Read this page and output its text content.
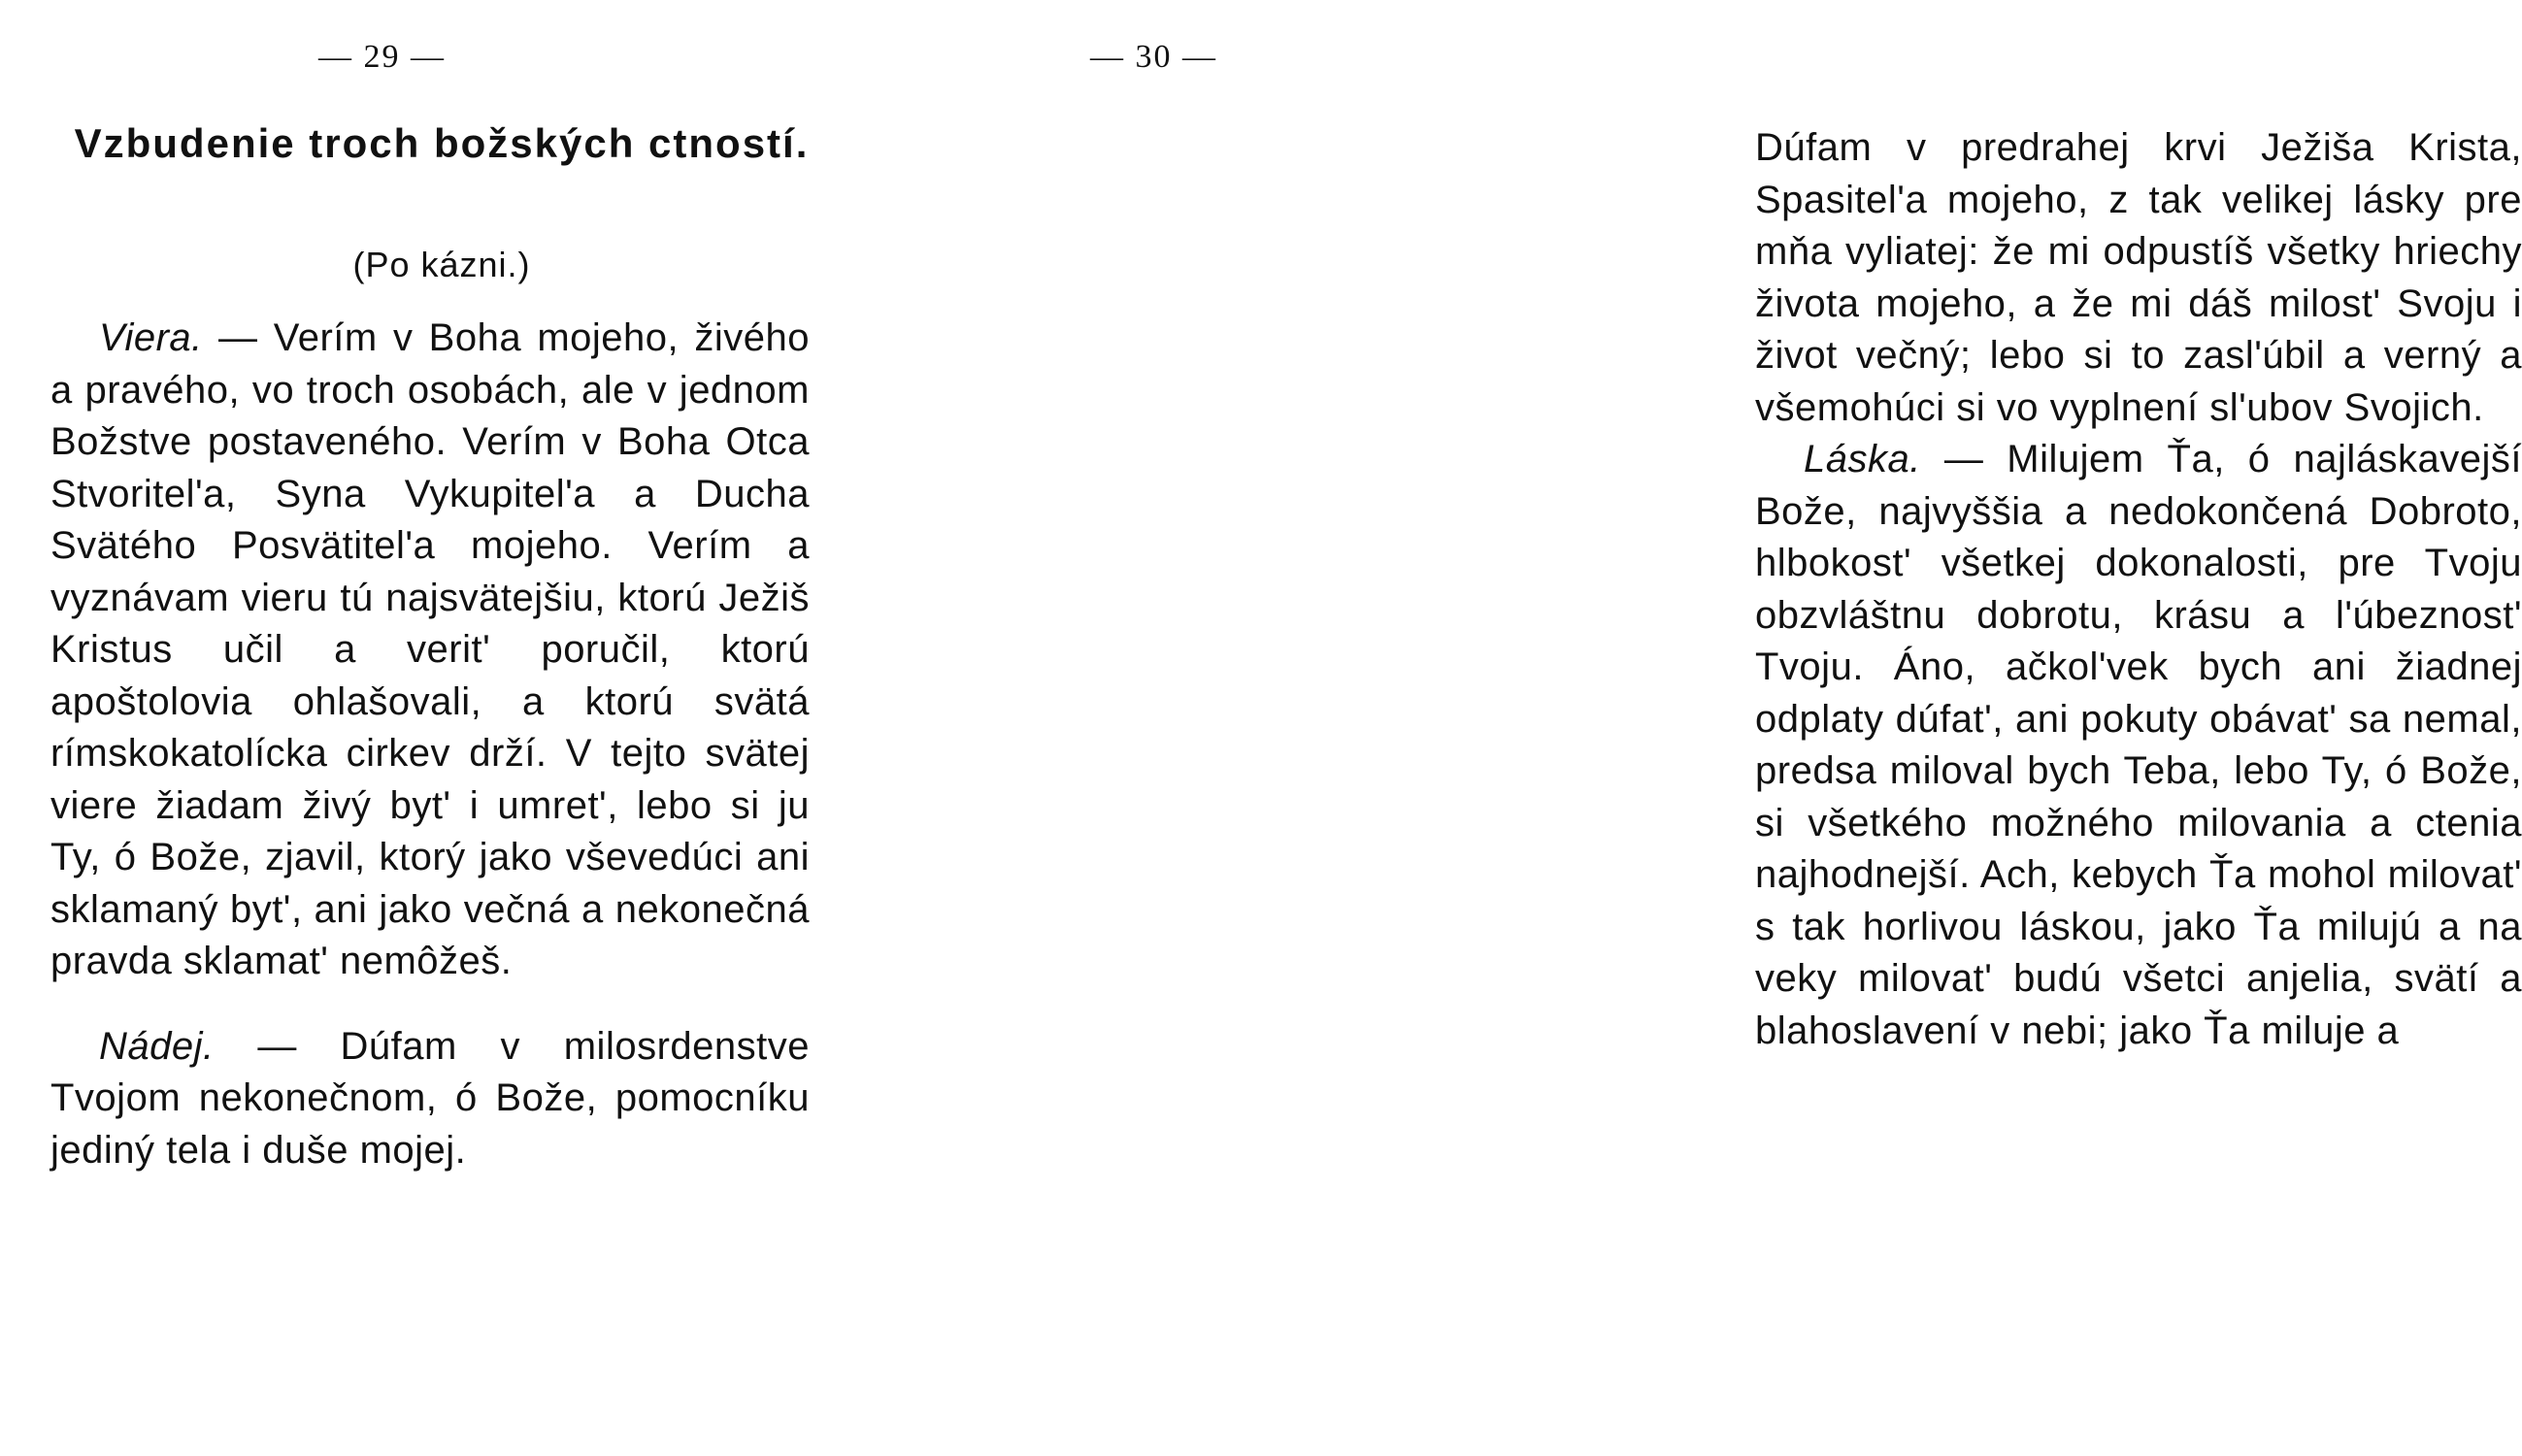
— 29 —
Vzbudenie troch božských ctností.
(Po kázni.)

Viera. — Verím v Boha mojeho, živého a pravého, vo troch osobách, ale v jednom Božstve postaveného. Verím v Boha Otca Stvoritel'a, Syna Vykupitel'a a Ducha Svätého Posvätitel'a mojeho. Verím a vyznávam vieru tú najsvätejšiu, ktorú Ježiš Kristus učil a verit' poručil, ktorú apoštolovia ohlašovali, a ktorú svätá rímskokatolícka cirkev drží. V tejto svätej viere žiadam živý byt' i umret', lebo si ju Ty, ó Bože, zjavil, ktorý jako vševedúci ani sklamaný byt', ani jako večná a nekonečná pravda sklamat' nemôžeš.

Nádej. — Dúfam v milosrdenstve Tvojom nekonečnom, ó Bože, pomocníku jediný tela i duše mojej.

— 30 —

Dúfam v predrahej krvi Ježiša Krista, Spasitel'a mojeho, z tak velikej lásky pre mňa vyliatej: že mi odpustíš všetky hriechy života mojeho, a že mi dáš milost' Svoju i život večný; lebo si to zasl'úbil a verný a všemohúci si vo vyplnení sl'ubov Svojich.

Láska. — Milujem Ťa, ó najláskavejší Bože, najvyššia a nedokončená Dobroto, hlbokost' všetkej dokonalosti, pre Tvoju obzvláštnu dobrotu, krásu a l'úbeznost' Tvoju. Áno, ačkol'vek bych ani žiadnej odplaty dúfat', ani pokuty obávat' sa nemal, predsa miloval bych Teba, lebo Ty, ó Bože, si všetkého možného milovania a ctenia najhodnejší. Ach, kebych Ťa mohol milovat' s tak horlivou láskou, jako Ťa milujú a na veky milovat' budú všetci anjelia, svätí a blahoslavení v nebi; jako Ťa miluje a
